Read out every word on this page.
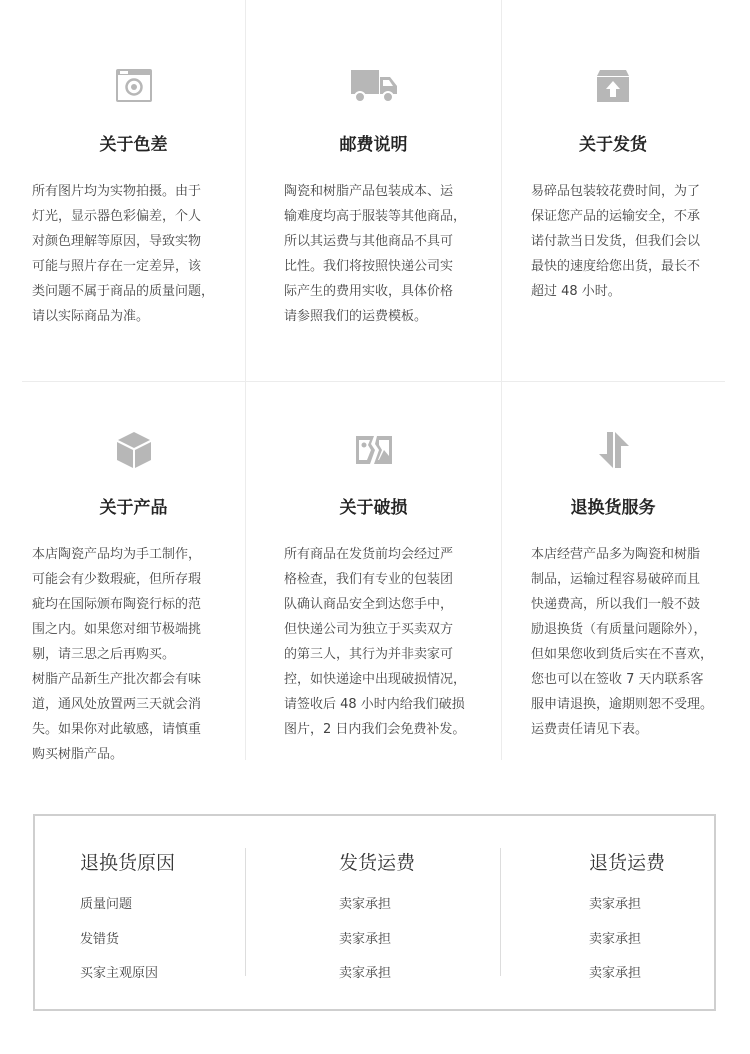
关于色差
所有图片均为实物拍摄。由于
灯光，显示器色彩偏差，个人
对颜色理解等原因，导致实物
可能与照片存在一定差异，该
类问题不属于商品的质量问题，
请以实际商品为准。
邮费说明
陶瓷和树脂产品包装成本、运
输难度均高于服装等其他商品，
所以其运费与其他商品不具可
比性。我们将按照快递公司实
际产生的费用实收，具体价格
请参照我们的运费模板。
关于发货
易碎品包装较花费时间，为了
保证您产品的运输安全，不承
诺付款当日发货，但我们会以
最快的速度给您出货，最长不
超过 48 小时。
关于产品
本店陶瓷产品均为手工制作，
可能会有少数瑕疵，但所存瑕
疵均在国际颁布陶瓷行标的范
围之内。如果您对细节极端挑
剔，请三思之后再购买。
树脂产品新生产批次都会有味
道，通风处放置两三天就会消
失。如果你对此敏感，请慎重
购买树脂产品。
关于破损
所有商品在发货前均会经过严
格检查，我们有专业的包装团
队确认商品安全到达您手中，
但快递公司为独立于买卖双方
的第三人，其行为并非卖家可
控，如快递途中出现破损情况，
请签收后 48 小时内给我们破损
图片，2 日内我们会免费补发。
退换货服务
本店经营产品多为陶瓷和树脂
制品，运输过程容易破碎而且
快递费高，所以我们一般不鼓
励退换货（有质量问题除外），
但如果您收到货后实在不喜欢，
您也可以在签收 7 天内联系客
服申请退换，逾期则恕不受理。
运费责任请见下表。
退换货原因
质量问题
发错货
买家主观原因
发货运费
卖家承担
卖家承担
卖家承担
退货运费
卖家承担
卖家承担
卖家承担
